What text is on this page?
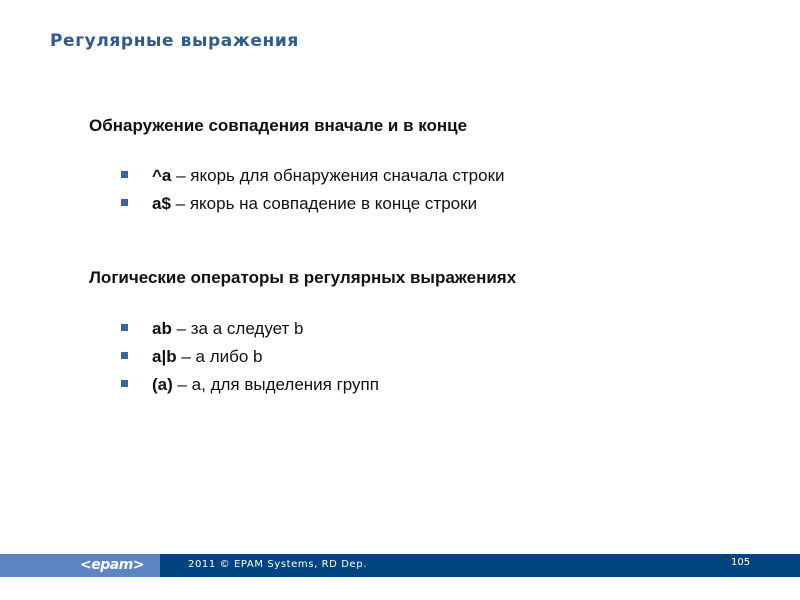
Регулярные выражения
Обнаружение совпадения вначале и в конце
^a – якорь для обнаружения сначала строки
a$ – якорь на совпадение в конце строки
Логические операторы в регулярных выражениях
ab – за а следует b
a|b – а либо b
(a) – а, для выделения групп
<epam>	2011 © EPAM Systems, RD Dep.	105
